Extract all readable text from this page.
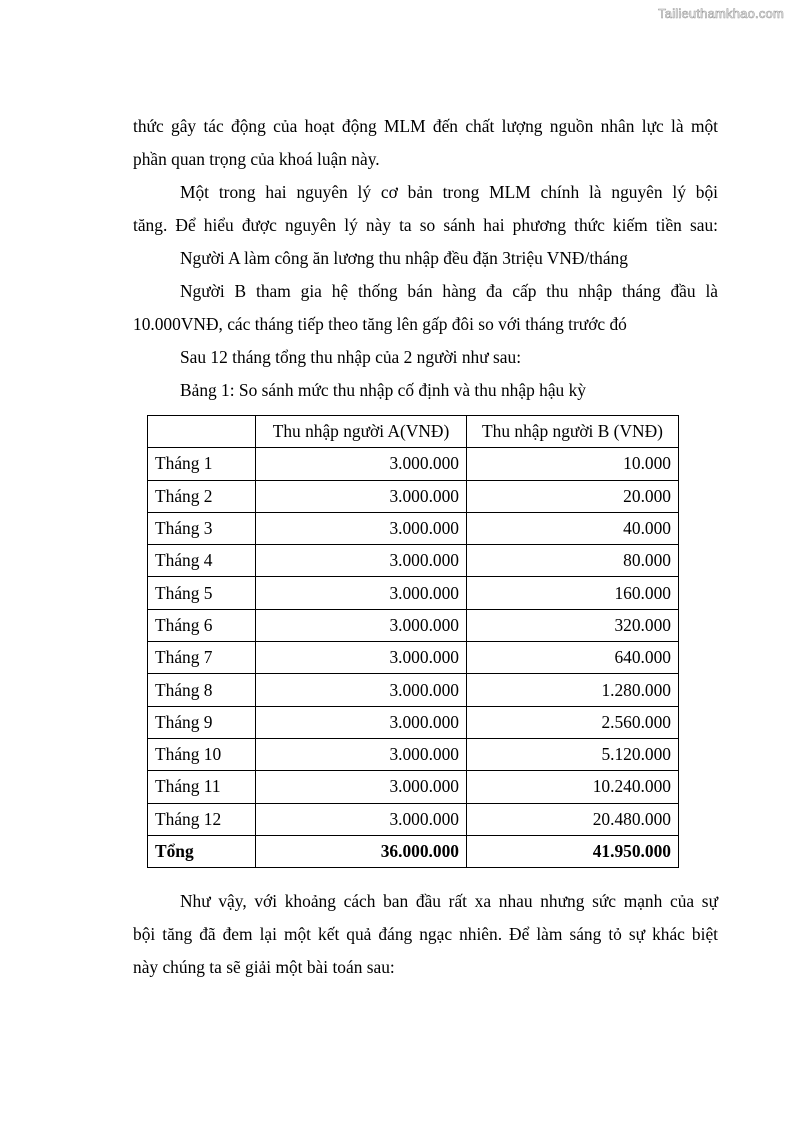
Tailieuthamkhao.com
thức gây tác động của hoạt động MLM đến chất lượng nguồn nhân lực là một
phần quan trọng của khoá luận này.
Một trong hai nguyên lý cơ bản trong MLM chính là nguyên lý bội
tăng. Để hiểu được nguyên lý này ta so sánh hai phương thức kiếm tiền sau:
Người A làm công ăn lương thu nhập đều đặn 3triệu VNĐ/tháng
Người B tham gia hệ thống bán hàng đa cấp thu nhập tháng đầu là
10.000VNĐ, các tháng tiếp theo tăng lên gấp đôi so với tháng trước đó
Sau 12 tháng tổng thu nhập của 2 người như sau:
Bảng 1: So sánh mức thu nhập cố định và thu nhập hậu kỳ
	Thu nhập người A(VNĐ)	Thu nhập người B (VNĐ)
Tháng 1	3.000.000	10.000
Tháng 2	3.000.000	20.000
Tháng 3	3.000.000	40.000
Tháng 4	3.000.000	80.000
Tháng 5	3.000.000	160.000
Tháng 6	3.000.000	320.000
Tháng 7	3.000.000	640.000
Tháng 8	3.000.000	1.280.000
Tháng 9	3.000.000	2.560.000
Tháng 10	3.000.000	5.120.000
Tháng 11	3.000.000	10.240.000
Tháng 12	3.000.000	20.480.000
Tổng	36.000.000	41.950.000
Như vậy, với khoảng cách ban đầu rất xa nhau nhưng sức mạnh của sự
bội tăng đã đem lại một kết quả đáng ngạc nhiên. Để làm sáng tỏ sự khác biệt
này chúng ta sẽ giải một bài toán sau:
